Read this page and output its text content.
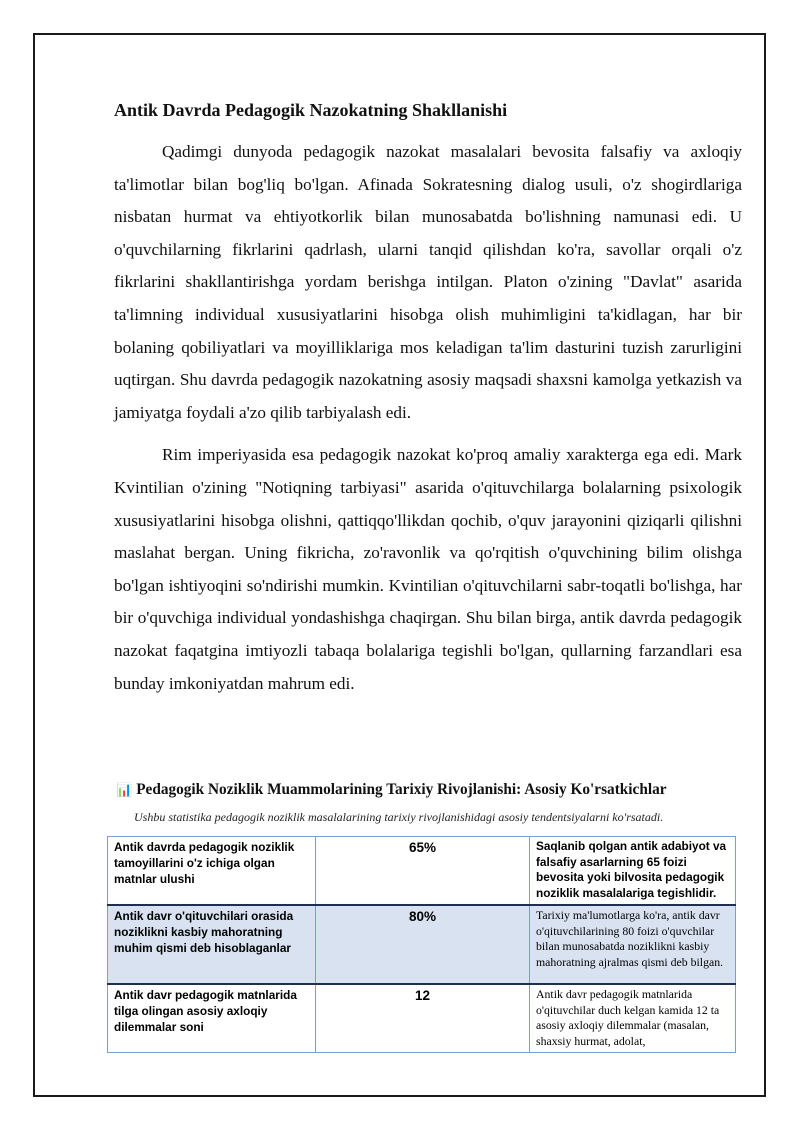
Antik Davrda Pedagogik Nazokatning Shakllanishi

Qadimgi dunyoda pedagogik nazokat masalalari bevosita falsafiy va axloqiy ta'limotlar bilan bog'liq bo'lgan. Afinada Sokratesning dialog usuli, o'z shogirdlariga nisbatan hurmat va ehtiyotkorlik bilan munosabatda bo'lishning namunasi edi. U o'quvchilarning fikrlarini qadrlash, ularni tanqid qilishdan ko'ra, savollar orqali o'z fikrlarini shakllantirishga yordam berishga intilgan. Platon o'zining "Davlat" asarida ta'limning individual xususiyatlarini hisobga olish muhimligini ta'kidlagan, har bir bolaning qobiliyatlari va moyilliklariga mos keladigan ta'lim dasturini tuzish zarurligini uqtirgan. Shu davrda pedagogik nazokatning asosiy maqsadi shaxsni kamolga yetkazish va jamiyatga foydali a'zo qilib tarbiyalash edi.

Rim imperiyasida esa pedagogik nazokat ko'proq amaliy xarakterga ega edi. Mark Kvintilian o'zining "Notiqning tarbiyasi" asarida o'qituvchilarga bolalarning psixologik xususiyatlarini hisobga olishni, qattiqqo'llikdan qochib, o'quv jarayonini qiziqarli qilishni maslahat bergan. Uning fikricha, zo'ravonlik va qo'rqitish o'quvchining bilim olishga bo'lgan ishtiyoqini so'ndirishi mumkin. Kvintilian o'qituvchilarni sabr-toqatli bo'lishga, har bir o'quvchiga individual yondashishga chaqirgan. Shu bilan birga, antik davrda pedagogik nazokat faqatgina imtiyozli tabaqa bolalariga tegishli bo'lgan, qullarning farzandlari esa bunday imkoniyatdan mahrum edi.

📊 Pedagogik Noziklik Muammolarining Tarixiy Rivojlanishi: Asosiy Ko'rsatkichlar
Ushbu statistika pedagogik noziklik masalalarining tarixiy rivojlanishidagi asosiy tendentsiyalarni ko'rsatadi.
Antik davrda pedagogik noziklik tamoyillarini o'z ichiga olgan matnlar ulushi	65%	Saqlanib qolgan antik adabiyot va falsafiy asarlarning 65 foizi bevosita yoki bilvosita pedagogik noziklik masalalariga tegishlidir.
Antik davr o'qituvchilari orasida noziklikni kasbiy mahoratning muhim qismi deb hisoblaganlar	80%	Tarixiy ma'lumotlarga ko'ra, antik davr o'qituvchilarining 80 foizi o'quvchilar bilan munosabatda noziklikni kasbiy mahoratning ajralmas qismi deb bilgan.
Antik davr pedagogik matnlarida tilga olingan asosiy axloqiy dilemmalar soni	12	Antik davr pedagogik matnlarida o'qituvchilar duch kelgan kamida 12 ta asosiy axloqiy dilemmalar (masalan, shaxsiy hurmat, adolat,
